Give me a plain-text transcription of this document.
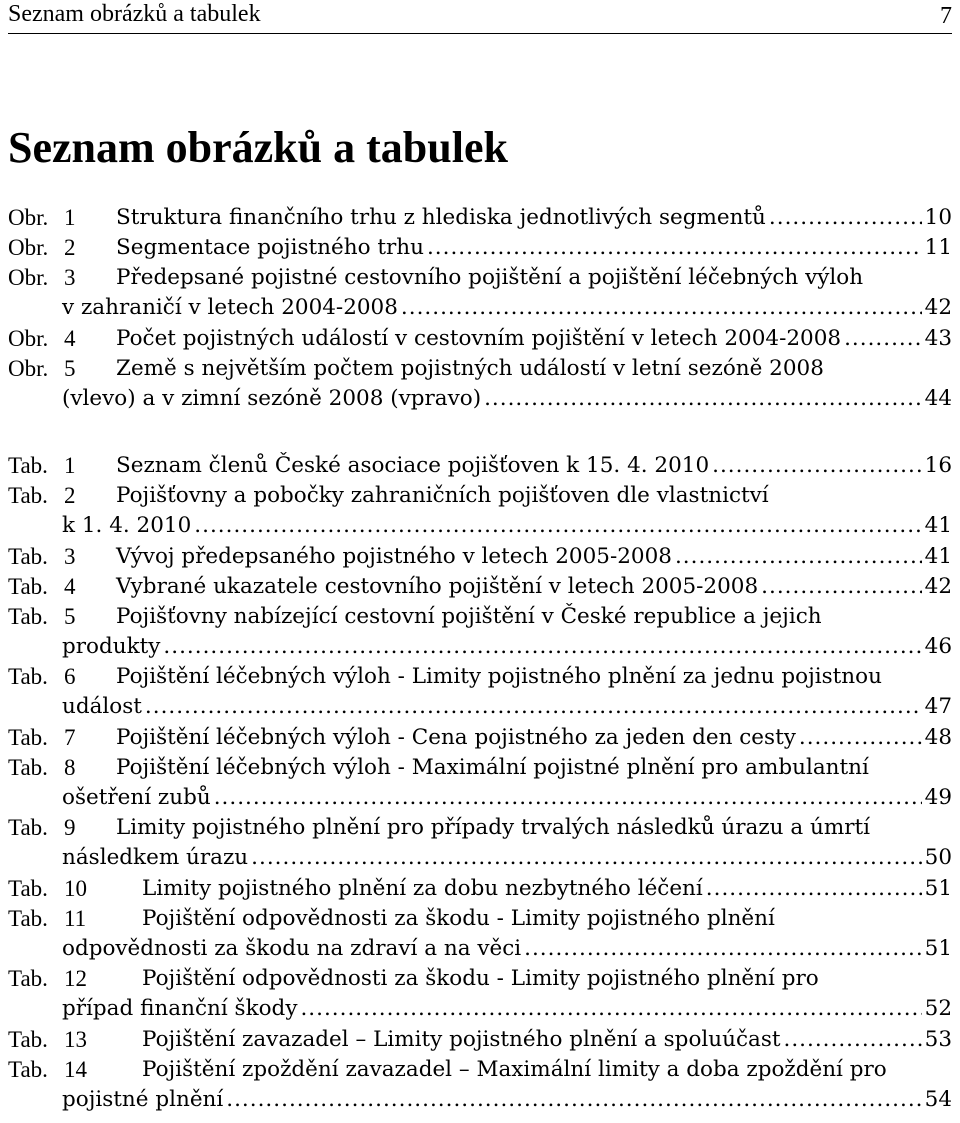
Seznam obrázků a tabulek	7
Seznam obrázků a tabulek
Obr. 1 Struktura finančního trhu z hlediska jednotlivých segmentů .....	10
Obr. 2 Segmentace pojistného trhu .....	11
Obr. 3 Předepsané pojistné cestovního pojištění a pojištění léčebných výloh
v zahraničí v letech 2004-2008 .....	42
Obr. 4 Počet pojistných událostí v cestovním pojištění v letech 2004-2008 .....	43
Obr. 5 Země s největším počtem pojistných událostí v letní sezóně 2008
(vlevo) a v zimní sezóně 2008 (vpravo) .....	44
Tab. 1 Seznam členů České asociace pojišťoven k 15. 4. 2010 .....	16
Tab. 2 Pojišťovny a pobočky zahraničních pojišťoven dle vlastnictví
k 1. 4. 2010 .....	41
Tab. 3 Vývoj předepsaného pojistného v letech 2005-2008 .....	41
Tab. 4 Vybrané ukazatele cestovního pojištění v letech 2005-2008 .....	42
Tab. 5 Pojišťovny nabízející cestovní pojištění v České republice a jejich
produkty .....	46
Tab. 6 Pojištění léčebných výloh - Limity pojistného plnění za jednu pojistnou
událost .....	47
Tab. 7 Pojištění léčebných výloh - Cena pojistného za jeden den cesty .....	48
Tab. 8 Pojištění léčebných výloh - Maximální pojistné plnění pro ambulantní
ošetření zubů .....	49
Tab. 9 Limity pojistného plnění pro případy trvalých následků úrazu a úmrtí
následkem úrazu .....	50
Tab. 10	Limity pojistného plnění za dobu nezbytného léčení .....	51
Tab. 11	Pojištění odpovědnosti za škodu - Limity pojistného plnění
odpovědnosti za škodu na zdraví a na věci .....	51
Tab. 12	Pojištění odpovědnosti za škodu - Limity pojistného plnění pro
případ finanční škody .....	52
Tab. 13	Pojištění zavazadel – Limity pojistného plnění a spoluúčast .....	53
Tab. 14	Pojištění zpoždění zavazadel – Maximální limity a doba zpoždění pro
pojistné plnění .....	54
